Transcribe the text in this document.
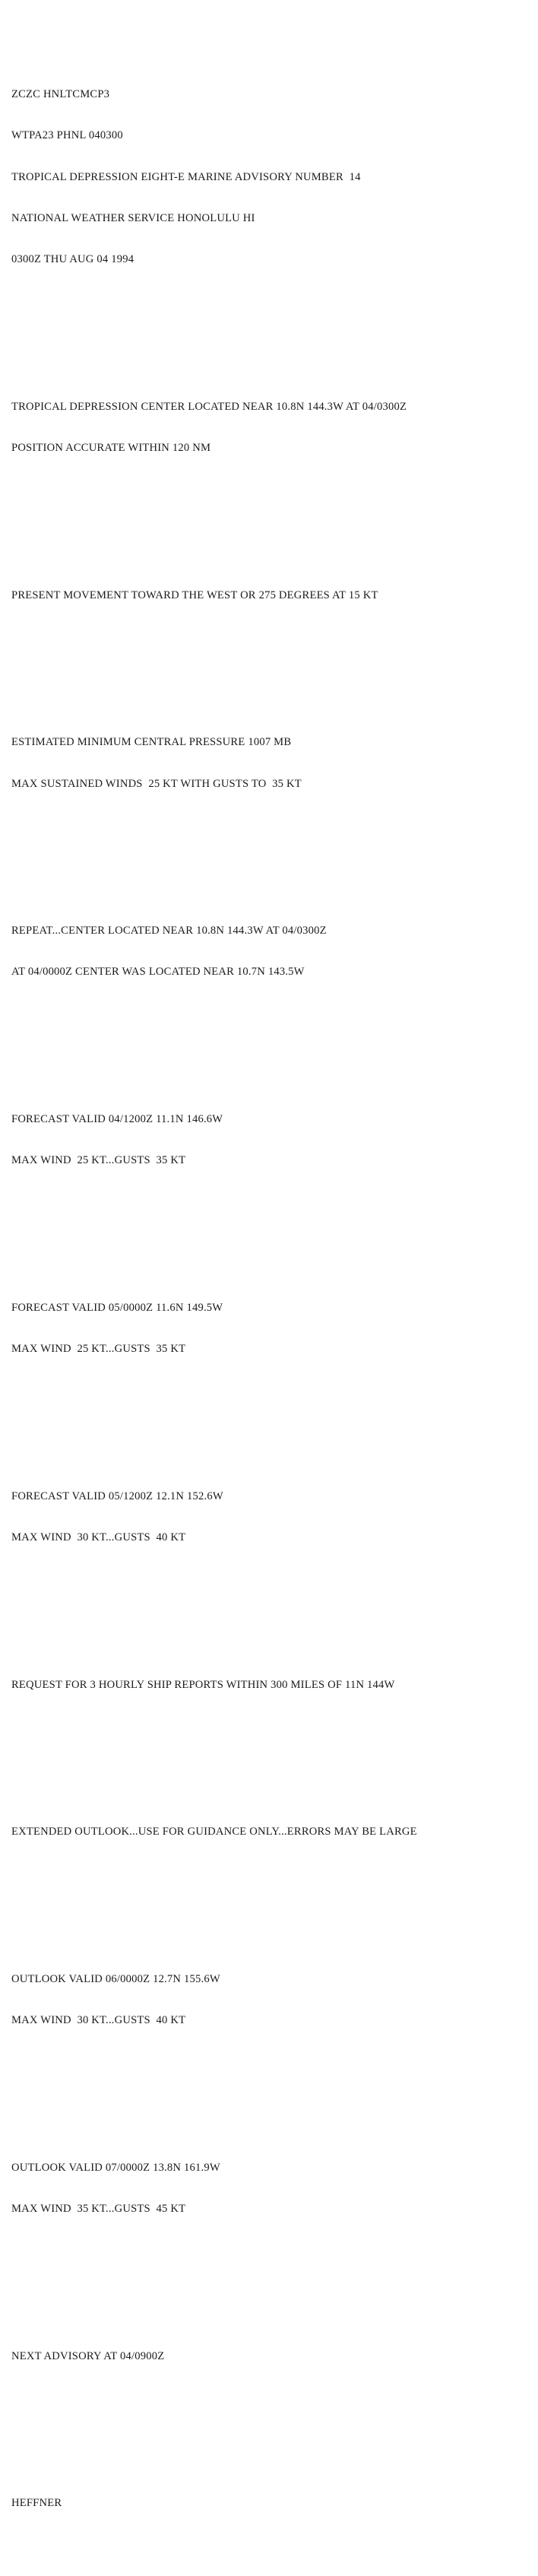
ZCZC HNLTCMCP3

WTPA23 PHNL 040300

TROPICAL DEPRESSION EIGHT-E MARINE ADVISORY NUMBER  14

NATIONAL WEATHER SERVICE HONOLULU HI

0300Z THU AUG 04 1994

TROPICAL DEPRESSION CENTER LOCATED NEAR 10.8N 144.3W AT 04/0300Z

POSITION ACCURATE WITHIN 120 NM

PRESENT MOVEMENT TOWARD THE WEST OR 275 DEGREES AT 15 KT

ESTIMATED MINIMUM CENTRAL PRESSURE 1007 MB

MAX SUSTAINED WINDS  25 KT WITH GUSTS TO  35 KT

REPEAT...CENTER LOCATED NEAR 10.8N 144.3W AT 04/0300Z

AT 04/0000Z CENTER WAS LOCATED NEAR 10.7N 143.5W

FORECAST VALID 04/1200Z 11.1N 146.6W

MAX WIND  25 KT...GUSTS  35 KT

FORECAST VALID 05/0000Z 11.6N 149.5W

MAX WIND  25 KT...GUSTS  35 KT

FORECAST VALID 05/1200Z 12.1N 152.6W

MAX WIND  30 KT...GUSTS  40 KT

REQUEST FOR 3 HOURLY SHIP REPORTS WITHIN 300 MILES OF 11N 144W

EXTENDED OUTLOOK...USE FOR GUIDANCE ONLY...ERRORS MAY BE LARGE

OUTLOOK VALID 06/0000Z 12.7N 155.6W

MAX WIND  30 KT...GUSTS  40 KT

OUTLOOK VALID 07/0000Z 13.8N 161.9W

MAX WIND  35 KT...GUSTS  45 KT

NEXT ADVISORY AT 04/0900Z

HEFFNER
